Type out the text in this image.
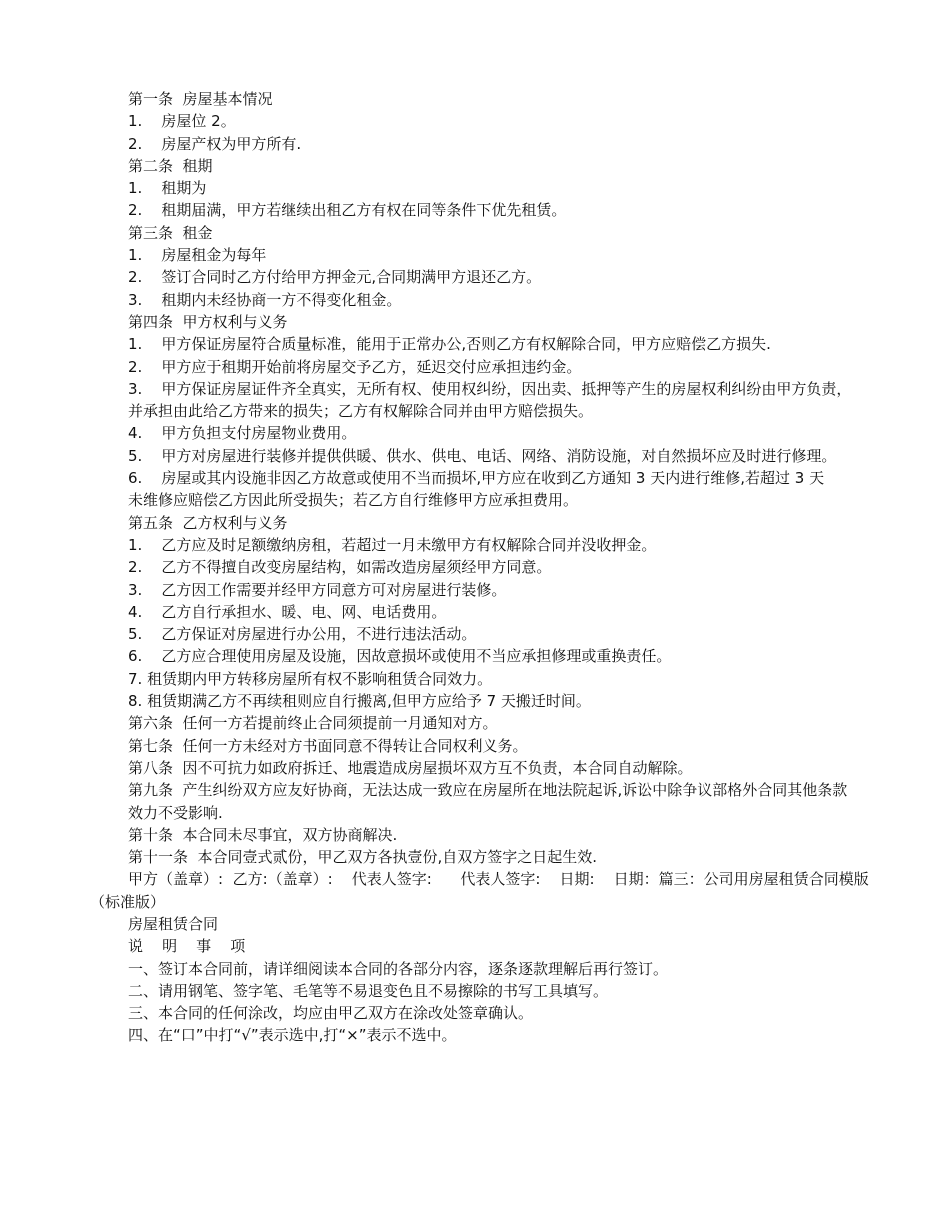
第一条  房屋基本情况

1.    房屋位 2。

2.    房屋产权为甲方所有.

第二条  租期

1.    租期为

2.    租期届满，甲方若继续出租乙方有权在同等条件下优先租赁。

第三条  租金

1.    房屋租金为每年

2.    签订合同时乙方付给甲方押金元,合同期满甲方退还乙方。

3.    租期内未经协商一方不得变化租金。

第四条  甲方权利与义务

1.    甲方保证房屋符合质量标准，能用于正常办公,否则乙方有权解除合同，甲方应赔偿乙方损失.

2.    甲方应于租期开始前将房屋交予乙方，延迟交付应承担违约金。

3.    甲方保证房屋证件齐全真实，无所有权、使用权纠纷，因出卖、抵押等产生的房屋权利纠纷由甲方负责，

并承担由此给乙方带来的损失；乙方有权解除合同并由甲方赔偿损失。

4.    甲方负担支付房屋物业费用。

5.    甲方对房屋进行装修并提供供暖、供水、供电、电话、网络、消防设施，对自然损坏应及时进行修理。

6.    房屋或其内设施非因乙方故意或使用不当而损坏,甲方应在收到乙方通知 3 天内进行维修,若超过 3 天

未维修应赔偿乙方因此所受损失；若乙方自行维修甲方应承担费用。

第五条  乙方权利与义务

1.    乙方应及时足额缴纳房租，若超过一月未缴甲方有权解除合同并没收押金。

2.    乙方不得擅自改变房屋结构，如需改造房屋须经甲方同意。

3.    乙方因工作需要并经甲方同意方可对房屋进行装修。

4.    乙方自行承担水、暖、电、网、电话费用。

5.    乙方保证对房屋进行办公用，不进行违法活动。

6.    乙方应合理使用房屋及设施，因故意损坏或使用不当应承担修理或重换责任。

7. 租赁期内甲方转移房屋所有权不影响租赁合同效力。

8. 租赁期满乙方不再续租则应自行搬离,但甲方应给予 7 天搬迁时间。

第六条  任何一方若提前终止合同须提前一月通知对方。

第七条  任何一方未经对方书面同意不得转让合同权利义务。

第八条  因不可抗力如政府拆迁、地震造成房屋损坏双方互不负责，本合同自动解除。

第九条  产生纠纷双方应友好协商，无法达成一致应在房屋所在地法院起诉,诉讼中除争议部格外合同其他条款

效力不受影响.

第十条  本合同未尽事宜，双方协商解决.

第十一条  本合同壹式贰份，甲乙双方各执壹份,自双方签字之日起生效.

甲方（盖章）:  乙方:（盖章）:    代表人签字:      代表人签字:    日期:    日期：篇三：公司用房屋租赁合同模版（标准版）

房屋租赁合同

说    明    事    项

一、签订本合同前，请详细阅读本合同的各部分内容，逐条逐款理解后再行签订。

二、请用钢笔、签字笔、毛笔等不易退变色且不易擦除的书写工具填写。

三、本合同的任何涂改，均应由甲乙双方在涂改处签章确认。

四、在“口”中打“√”表示选中,打“×”表示不选中。
